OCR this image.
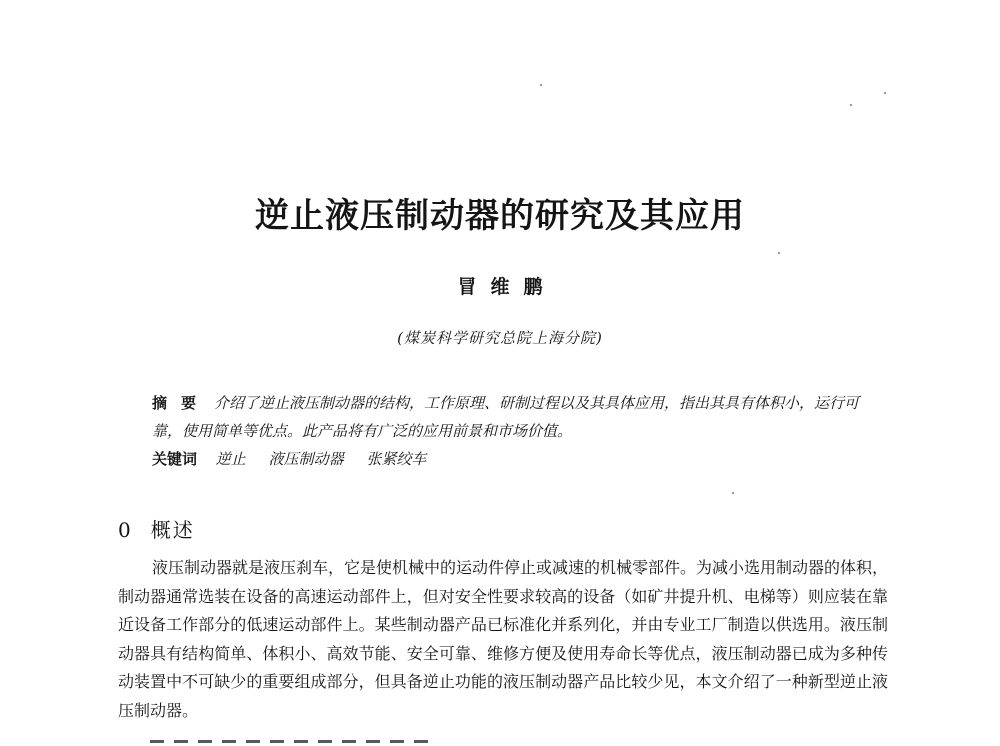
逆止液压制动器的研究及其应用
冒维鹏
(煤炭科学研究总院上海分院)
摘要 介绍了逆止液压制动器的结构，工作原理、研制过程以及其具体应用，指出其具有体积小，运行可靠，使用简单等优点。此产品将有广泛的应用前景和市场价值。
关键词 逆止 液压制动器 张紧绞车
0 概述
液压制动器就是液压刹车，它是使机械中的运动件停止或减速的机械零部件。为减小选用制动器的体积，制动器通常选装在设备的高速运动部件上，但对安全性要求较高的设备（如矿井提升机、电梯等）则应装在靠近设备工作部分的低速运动部件上。某些制动器产品已标准化并系列化，并由专业工厂制造以供选用。液压制动器具有结构简单、体积小、高效节能、安全可靠、维修方便及使用寿命长等优点，液压制动器已成为多种传动装置中不可缺少的重要组成部分，但具备逆止功能的液压制动器产品比较少见，本文介绍了一种新型逆止液压制动器。
